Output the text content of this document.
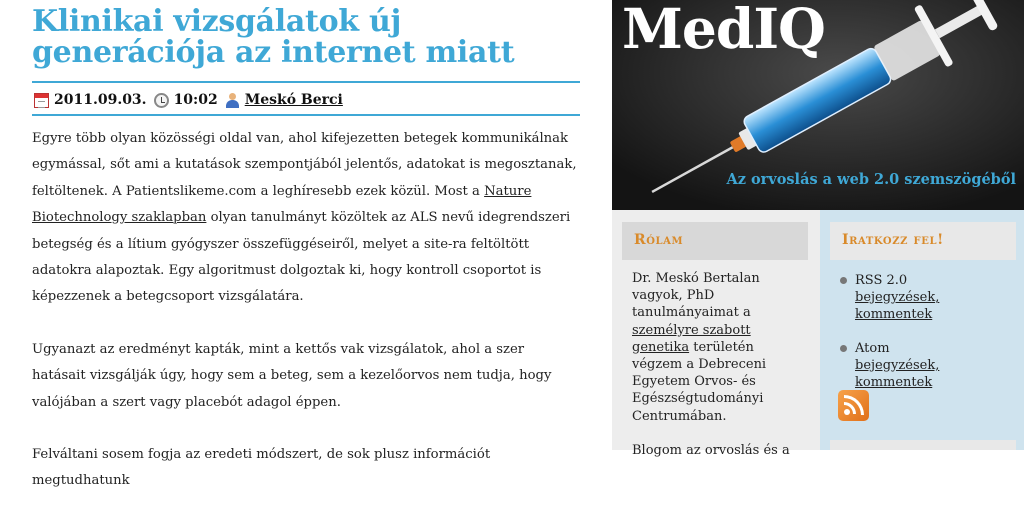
Klinikai vizsgálatok új generációja az internet miatt
2011.09.03. 10:02 Meskó Berci

Egyre több olyan közösségi oldal van, ahol kifejezetten betegek kommunikálnak egymással, sőt ami a kutatások szempontjából jelentős, adatokat is megosztanak, feltöltenek. A Patientslikeme.com a leghíresebb ezek közül. Most a Nature Biotechnology szaklapban olyan tanulmányt közöltek az ALS nevű idegrendszeri betegség és a lítium gyógyszer összefüggéseiről, melyet a site-ra feltöltött adatokra alapoztak. Egy algoritmust dolgoztak ki, hogy kontroll csoportot is képezzenek a betegcsoport vizsgálatára.

Ugyanazt az eredményt kapták, mint a kettős vak vizsgálatok, ahol a szer hatásait vizsgálják úgy, hogy sem a beteg, sem a kezelőorvos nem tudja, hogy valójában a szert vagy placebót adagol éppen.

Felváltani sosem fogja az eredeti módszert, de sok plusz információt megtudhatunk

MedIQ
Az orvoslás a web 2.0 szemszögéből
Rólam
Dr. Meskó Bertalan vagyok, PhD tanulmányaimat a személyre szabott genetika területén végzem a Debreceni Egyetem Orvos- és Egészségtudományi Centrumában.
Blogom az orvoslás és a
Iratkozz fel!
RSS 2.0
bejegyzések,
kommentek
Atom
bejegyzések,
kommentek
